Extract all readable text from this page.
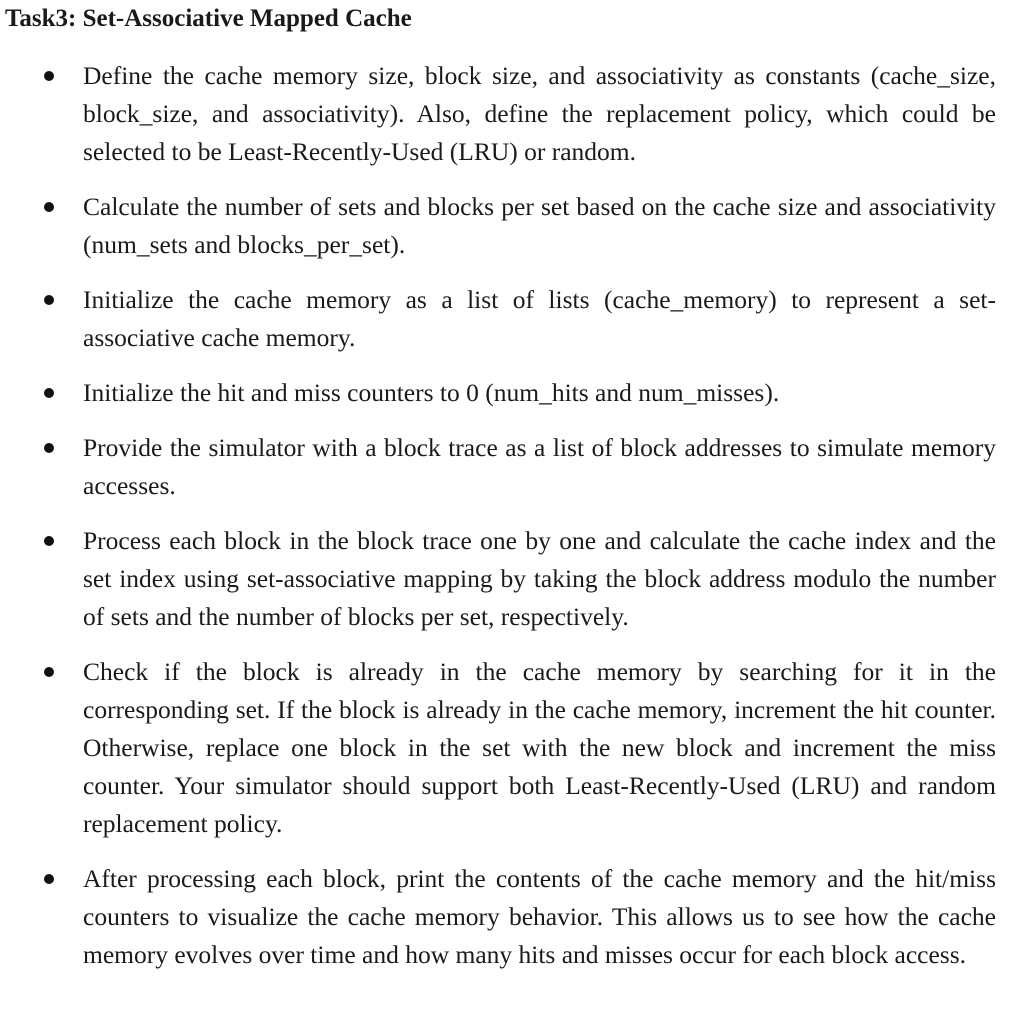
Task3: Set-Associative Mapped Cache
Define the cache memory size, block size, and associativity as constants (cache_size, block_size, and associativity). Also, define the replacement policy, which could be selected to be Least-Recently-Used (LRU) or random.
Calculate the number of sets and blocks per set based on the cache size and associativity (num_sets and blocks_per_set).
Initialize the cache memory as a list of lists (cache_memory) to represent a set-associative cache memory.
Initialize the hit and miss counters to 0 (num_hits and num_misses).
Provide the simulator with a block trace as a list of block addresses to simulate memory accesses.
Process each block in the block trace one by one and calculate the cache index and the set index using set-associative mapping by taking the block address modulo the number of sets and the number of blocks per set, respectively.
Check if the block is already in the cache memory by searching for it in the corresponding set. If the block is already in the cache memory, increment the hit counter. Otherwise, replace one block in the set with the new block and increment the miss counter. Your simulator should support both Least-Recently-Used (LRU) and random replacement policy.
After processing each block, print the contents of the cache memory and the hit/miss counters to visualize the cache memory behavior. This allows us to see how the cache memory evolves over time and how many hits and misses occur for each block access.
